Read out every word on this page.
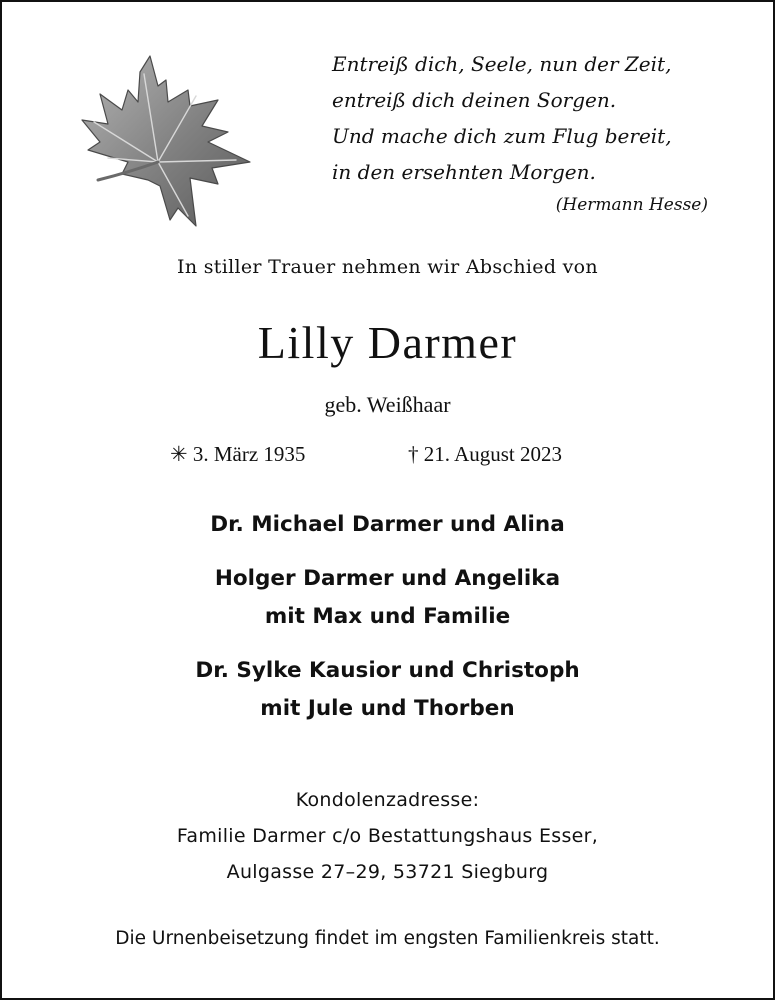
Entreiß dich, Seele, nun der Zeit,
entreiß dich deinen Sorgen.
Und mache dich zum Flug bereit,
in den ersehnten Morgen.
(Hermann Hesse)
In stiller Trauer nehmen wir Abschied von
Lilly Darmer
geb. Weißhaar
✳ 3. März 1935	† 21. August 2023
Dr. Michael Darmer und Alina
Holger Darmer und Angelika
mit Max und Familie
Dr. Sylke Kausior und Christoph
mit Jule und Thorben
Kondolenzadresse:
Familie Darmer c/o Bestattungshaus Esser,
Aulgasse 27–29, 53721 Siegburg
Die Urnenbeisetzung findet im engsten Familienkreis statt.
